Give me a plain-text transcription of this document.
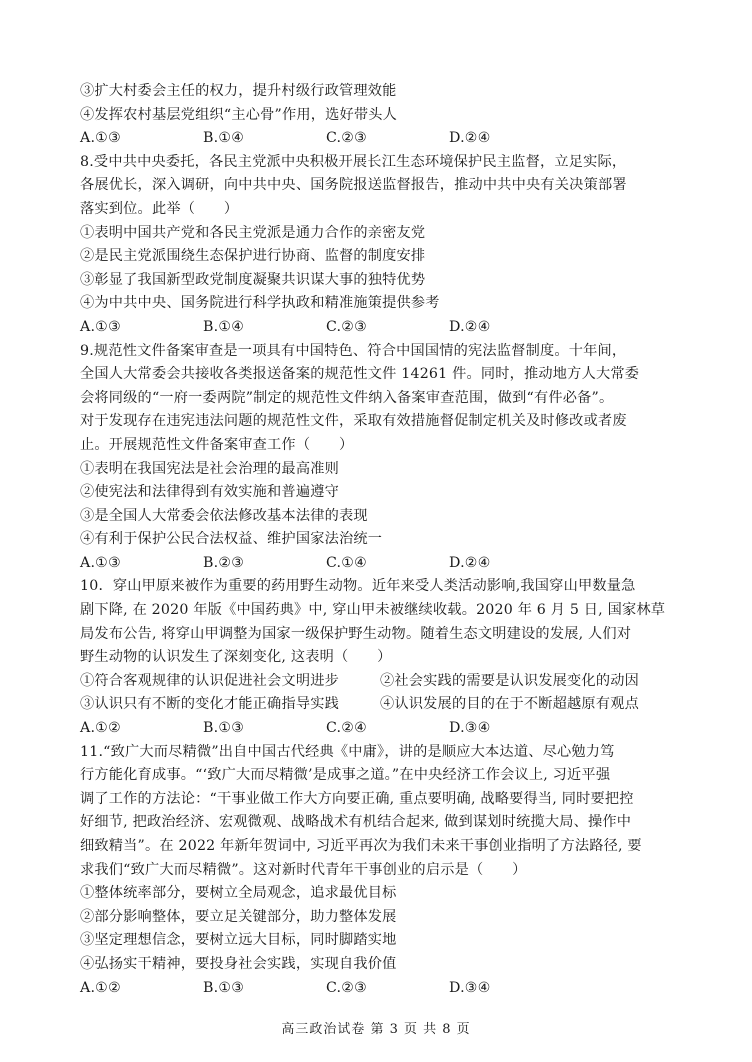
③扩大村委会主任的权力，提升村级行政管理效能
④发挥农村基层党组织“主心骨”作用，选好带头人
A.①③	B.①④	C.②③	D.②④
8.受中共中央委托，各民主党派中央积极开展长江生态环境保护民主监督，立足实际，
各展优长，深入调研，向中共中央、国务院报送监督报告，推动中共中央有关决策部署
落实到位。此举（　　）
①表明中国共产党和各民主党派是通力合作的亲密友党
②是民主党派围绕生态保护进行协商、监督的制度安排
③彰显了我国新型政党制度凝聚共识谋大事的独特优势
④为中共中央、国务院进行科学执政和精准施策提供参考
A.①③	B.①④	C.②③	D.②④
9.规范性文件备案审查是一项具有中国特色、符合中国国情的宪法监督制度。十年间，
全国人大常委会共接收各类报送备案的规范性文件 14261 件。同时，推动地方人大常委
会将同级的“一府一委两院”制定的规范性文件纳入备案审查范围，做到“有件必备”。
对于发现存在违宪违法问题的规范性文件，采取有效措施督促制定机关及时修改或者废
止。开展规范性文件备案审查工作（　　）
①表明在我国宪法是社会治理的最高准则
②使宪法和法律得到有效实施和普遍遵守
③是全国人大常委会依法修改基本法律的表现
④有利于保护公民合法权益、维护国家法治统一
A.①③	B.②③	C.①④	D.②④
10．穿山甲原来被作为重要的药用野生动物。近年来受人类活动影响,我国穿山甲数量急
剧下降, 在 2020 年版《中国药典》中, 穿山甲未被继续收载。2020 年 6 月 5 日, 国家林草
局发布公告, 将穿山甲调整为国家一级保护野生动物。随着生态文明建设的发展, 人们对
野生动物的认识发生了深刻变化, 这表明（　　）
①符合客观规律的认识促进社会文明进步	②社会实践的需要是认识发展变化的动因
③认识只有不断的变化才能正确指导实践	④认识发展的目的在于不断超越原有观点
A.①②	B.①③	C.②④	D.③④
11.“致广大而尽精微”出自中国古代经典《中庸》，讲的是顺应大本达道、尽心勉力笃
行方能化育成事。“‘致广大而尽精微’是成事之道。”在中央经济工作会议上, 习近平强
调了工作的方法论：“干事业做工作大方向要正确, 重点要明确, 战略要得当, 同时要把控
好细节, 把政治经济、宏观微观、战略战术有机结合起来, 做到谋划时统揽大局、操作中
细致精当”。在 2022 年新年贺词中, 习近平再次为我们未来干事创业指明了方法路径, 要
求我们“致广大而尽精微”。这对新时代青年干事创业的启示是（　　）
①整体统率部分，要树立全局观念，追求最优目标
②部分影响整体，要立足关键部分，助力整体发展
③坚定理想信念，要树立远大目标，同时脚踏实地
④弘扬实干精神，要投身社会实践，实现自我价值
A.①②	B.①③	C.②③	D.③④
高三政治试卷 第 3 页 共 8 页
